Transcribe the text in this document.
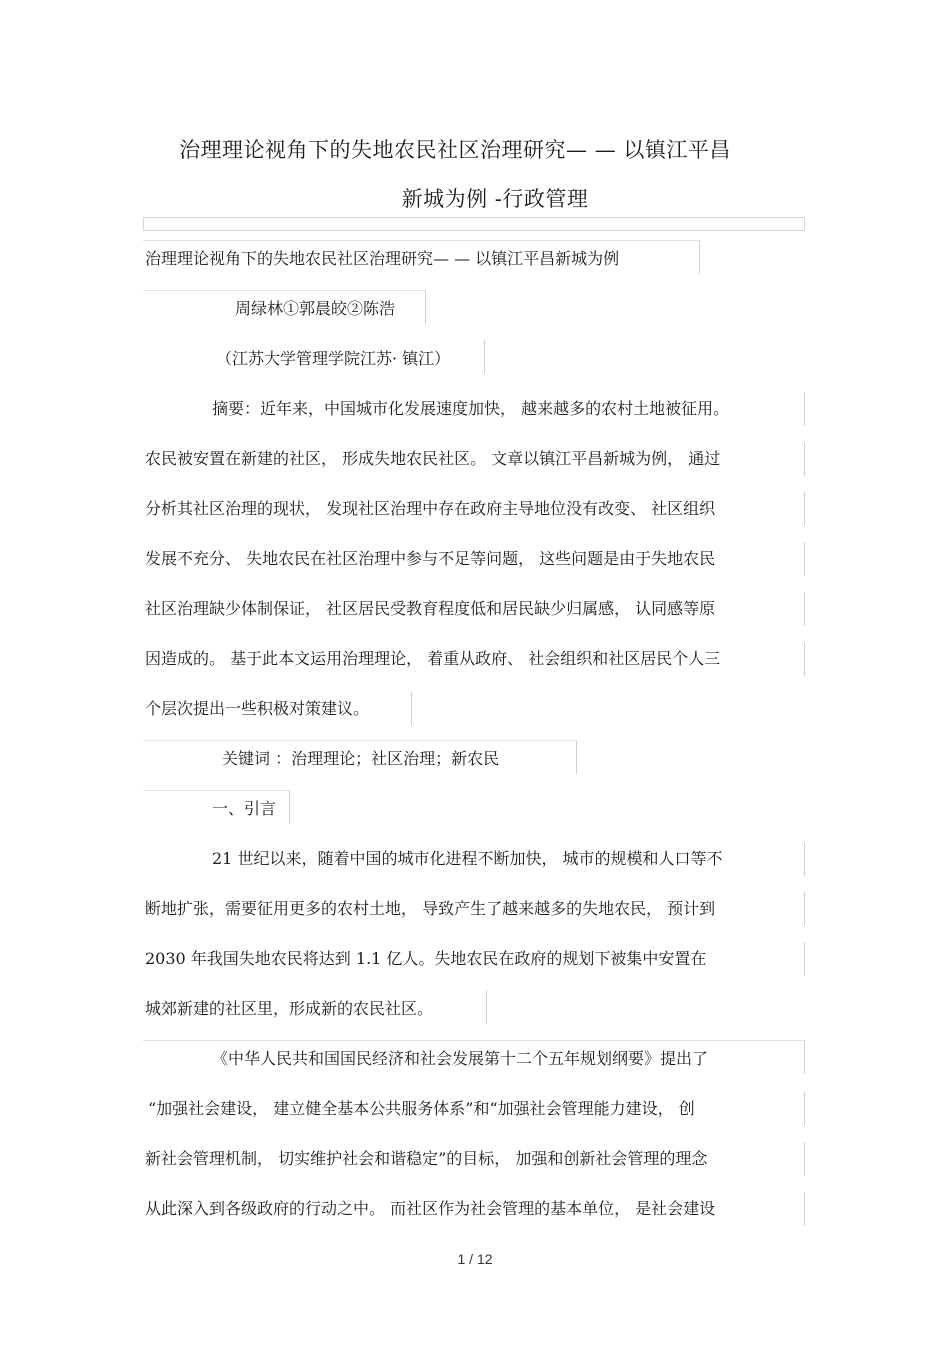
治理理论视角下的失地农民社区治理研究— — 以镇江平昌
新城为例 -行政管理
治理理论视角下的失地农民社区治理研究— — 以镇江平昌新城为例
周绿林①郭晨皎②陈浩
（江苏大学管理学院江苏· 镇江）
摘要：近年来，中国城市化发展速度加快， 越来越多的农村土地被征用。
农民被安置在新建的社区， 形成失地农民社区。 文章以镇江平昌新城为例， 通过
分析其社区治理的现状， 发现社区治理中存在政府主导地位没有改变、 社区组织
发展不充分、 失地农民在社区治理中参与不足等问题， 这些问题是由于失地农民
社区治理缺少体制保证， 社区居民受教育程度低和居民缺少归属感， 认同感等原
因造成的。 基于此本文运用治理理论， 着重从政府、 社会组织和社区居民个人三
个层次提出一些积极对策建议。
关键词 ：治理理论；社区治理；新农民
一、引言
21 世纪以来，随着中国的城市化进程不断加快， 城市的规模和人口等不
断地扩张，需要征用更多的农村土地， 导致产生了越来越多的失地农民， 预计到
2030 年我国失地农民将达到 1.1 亿人。失地农民在政府的规划下被集中安置在
城郊新建的社区里，形成新的农民社区。
《中华人民共和国国民经济和社会发展第十二个五年规划纲要》提出了
“加强社会建设， 建立健全基本公共服务体系”和“加强社会管理能力建设， 创
新社会管理机制， 切实维护社会和谐稳定”的目标， 加强和创新社会管理的理念
从此深入到各级政府的行动之中。 而社区作为社会管理的基本单位， 是社会建设
1 / 12
